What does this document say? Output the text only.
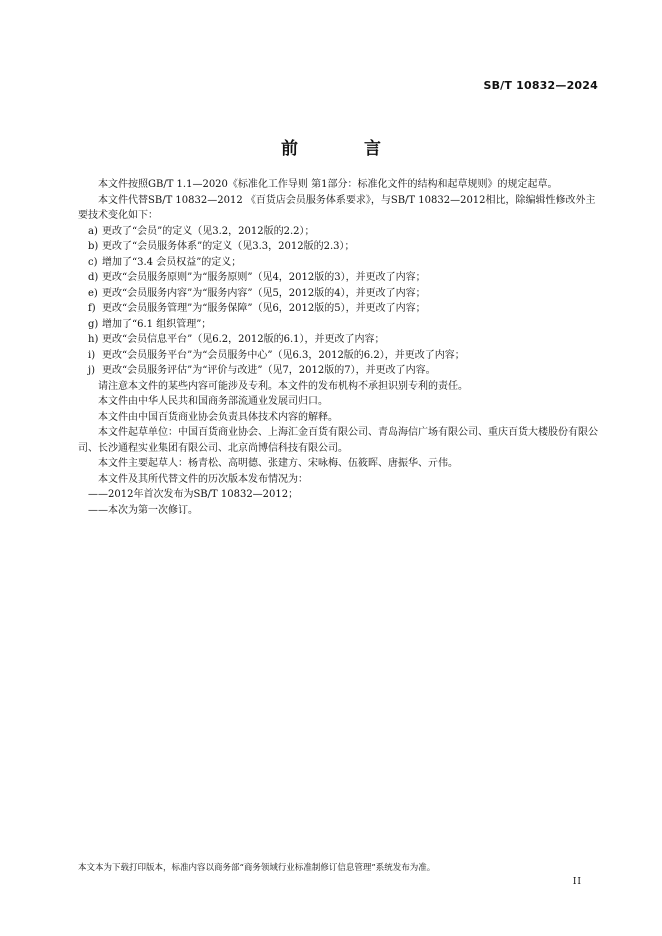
SB/T 10832—2024
前 言

本文件按照GB/T 1.1—2020《标准化工作导则 第1部分：标准化文件的结构和起草规则》的规定起草。

本文件代替SB/T 10832—2012 《百货店会员服务体系要求》，与SB/T 10832—2012相比，除编辑性修改外主要技术变化如下：

a) 更改了“会员”的定义（见3.2，2012版的2.2）；
b) 更改了“会员服务体系”的定义（见3.3，2012版的2.3）；
c) 增加了“3.4 会员权益”的定义；
d) 更改“会员服务原则”为“服务原则”（见4，2012版的3），并更改了内容；
e) 更改“会员服务内容”为“服务内容”（见5，2012版的4），并更改了内容；
f) 更改“会员服务管理”为“服务保障”（见6，2012版的5），并更改了内容；
g) 增加了“6.1 组织管理”；
h) 更改“会员信息平台”（见6.2，2012版的6.1），并更改了内容；
i) 更改“会员服务平台”为“会员服务中心”（见6.3，2012版的6.2），并更改了内容；
j) 更改“会员服务评估”为“评价与改进”（见7，2012版的7），并更改了内容。

请注意本文件的某些内容可能涉及专利。本文件的发布机构不承担识别专利的责任。

本文件由中华人民共和国商务部流通业发展司归口。

本文件由中国百货商业协会负责具体技术内容的解释。

本文件起草单位：中国百货商业协会、上海汇金百货有限公司、青岛海信广场有限公司、重庆百货大楼股份有限公司、长沙通程实业集团有限公司、北京尚博信科技有限公司。

本文件主要起草人：杨青松、高明德、张建方、宋咏梅、伍筱晖、唐振华、亓伟。

本文件及其所代替文件的历次版本发布情况为：

——2012年首次发布为SB/T 10832—2012；

——本次为第一次修订。

本文本为下载打印版本，标准内容以商务部“商务领域行业标准制修订信息管理”系统发布为准。
II
